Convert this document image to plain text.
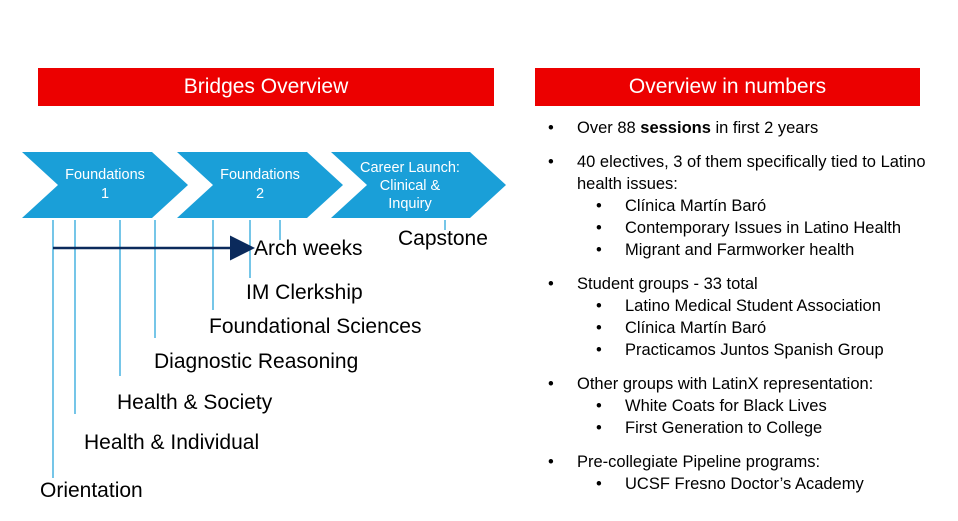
Bridges Overview	Overview in numbers
Foundations
1
Foundations
2
Career Launch:
Clinical &
Inquiry
Arch weeks Capstone
IM Clerkship
Foundational Sciences
Diagnostic Reasoning
Health & Society
Health & Individual
Orientation
• Over 88 sessions in first 2 years
• 40 electives, 3 of them specifically tied to Latino health issues:
• Clínica Martín Baró
• Contemporary Issues in Latino Health
• Migrant and Farmworker health
• Student groups - 33 total
• Latino Medical Student Association
• Clínica Martín Baró
• Practicamos Juntos Spanish Group
• Other groups with LatinX representation:
• White Coats for Black Lives
• First Generation to College
• Pre-collegiate Pipeline programs:
• UCSF Fresno Doctor’s Academy
